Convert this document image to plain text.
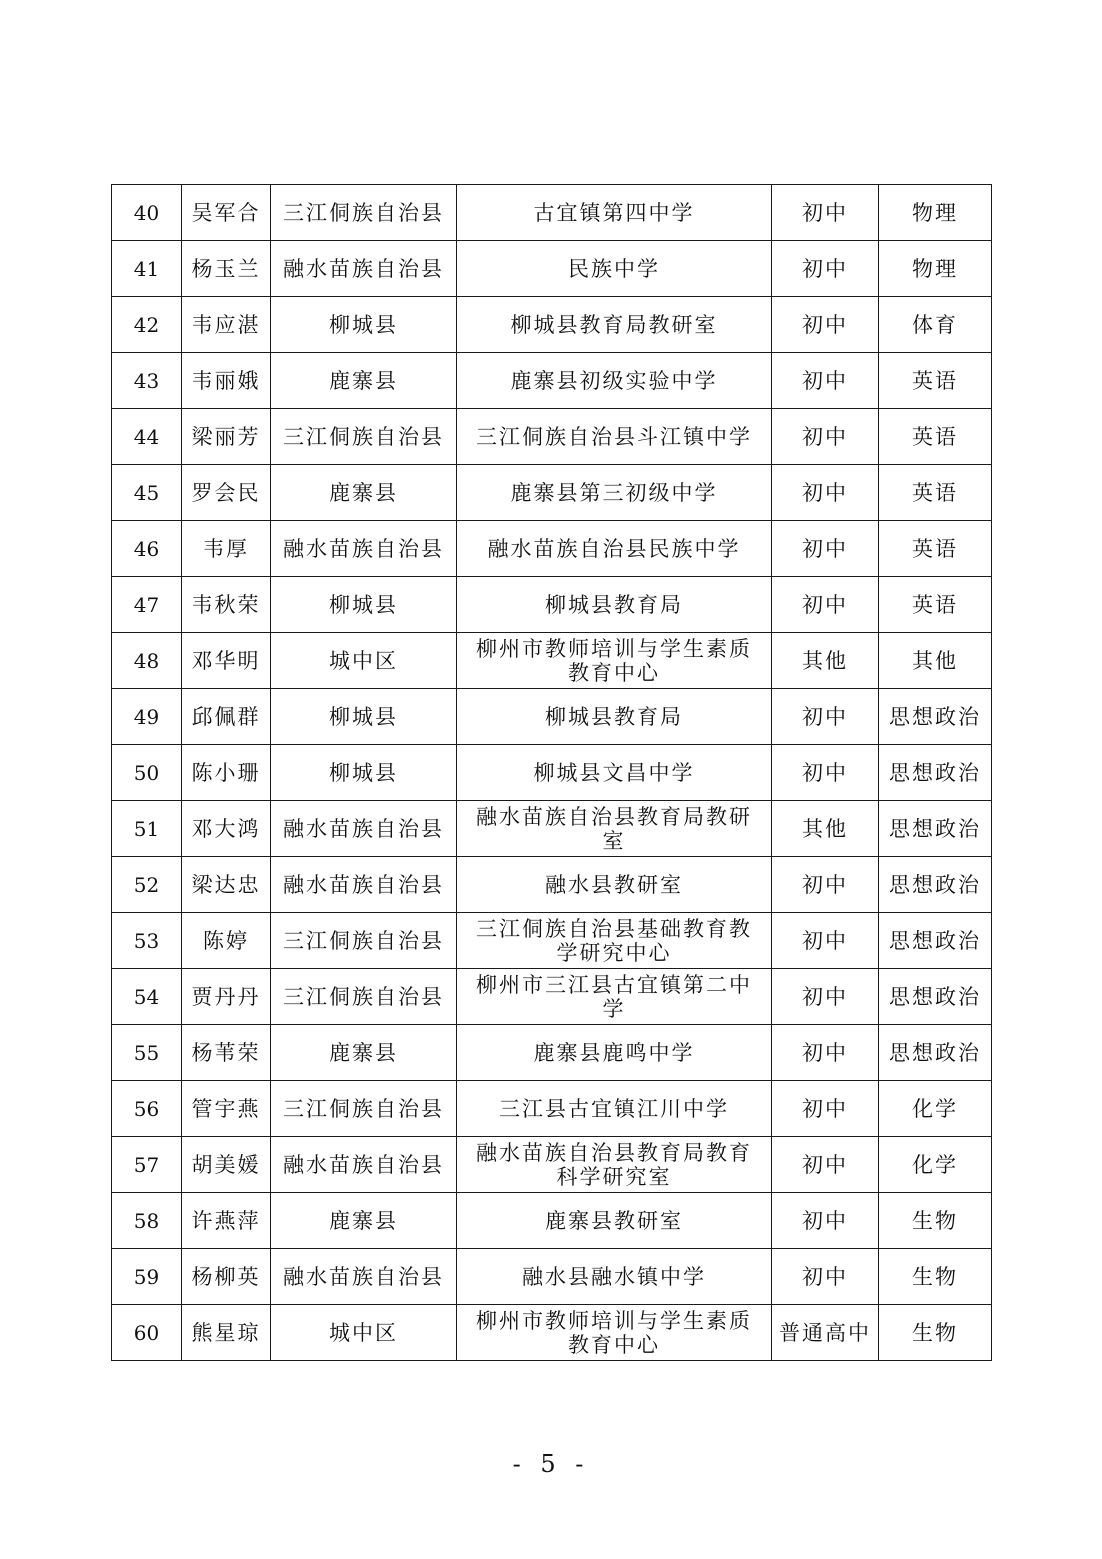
40	吴军合	三江侗族自治县	古宜镇第四中学	初中	物理
41	杨玉兰	融水苗族自治县	民族中学	初中	物理
42	韦应湛	柳城县	柳城县教育局教研室	初中	体育
43	韦丽娥	鹿寨县	鹿寨县初级实验中学	初中	英语
44	梁丽芳	三江侗族自治县	三江侗族自治县斗江镇中学	初中	英语
45	罗会民	鹿寨县	鹿寨县第三初级中学	初中	英语
46	韦厚	融水苗族自治县	融水苗族自治县民族中学	初中	英语
47	韦秋荣	柳城县	柳城县教育局	初中	英语
48	邓华明	城中区	柳州市教师培训与学生素质教育中心	其他	其他
49	邱佩群	柳城县	柳城县教育局	初中	思想政治
50	陈小珊	柳城县	柳城县文昌中学	初中	思想政治
51	邓大鸿	融水苗族自治县	融水苗族自治县教育局教研室	其他	思想政治
52	梁达忠	融水苗族自治县	融水县教研室	初中	思想政治
53	陈婷	三江侗族自治县	三江侗族自治县基础教育教学研究中心	初中	思想政治
54	贾丹丹	三江侗族自治县	柳州市三江县古宜镇第二中学	初中	思想政治
55	杨苇荣	鹿寨县	鹿寨县鹿鸣中学	初中	思想政治
56	管宇燕	三江侗族自治县	三江县古宜镇江川中学	初中	化学
57	胡美媛	融水苗族自治县	融水苗族自治县教育局教育科学研究室	初中	化学
58	许燕萍	鹿寨县	鹿寨县教研室	初中	生物
59	杨柳英	融水苗族自治县	融水县融水镇中学	初中	生物
60	熊星琼	城中区	柳州市教师培训与学生素质教育中心	普通高中	生物
- 5 -
